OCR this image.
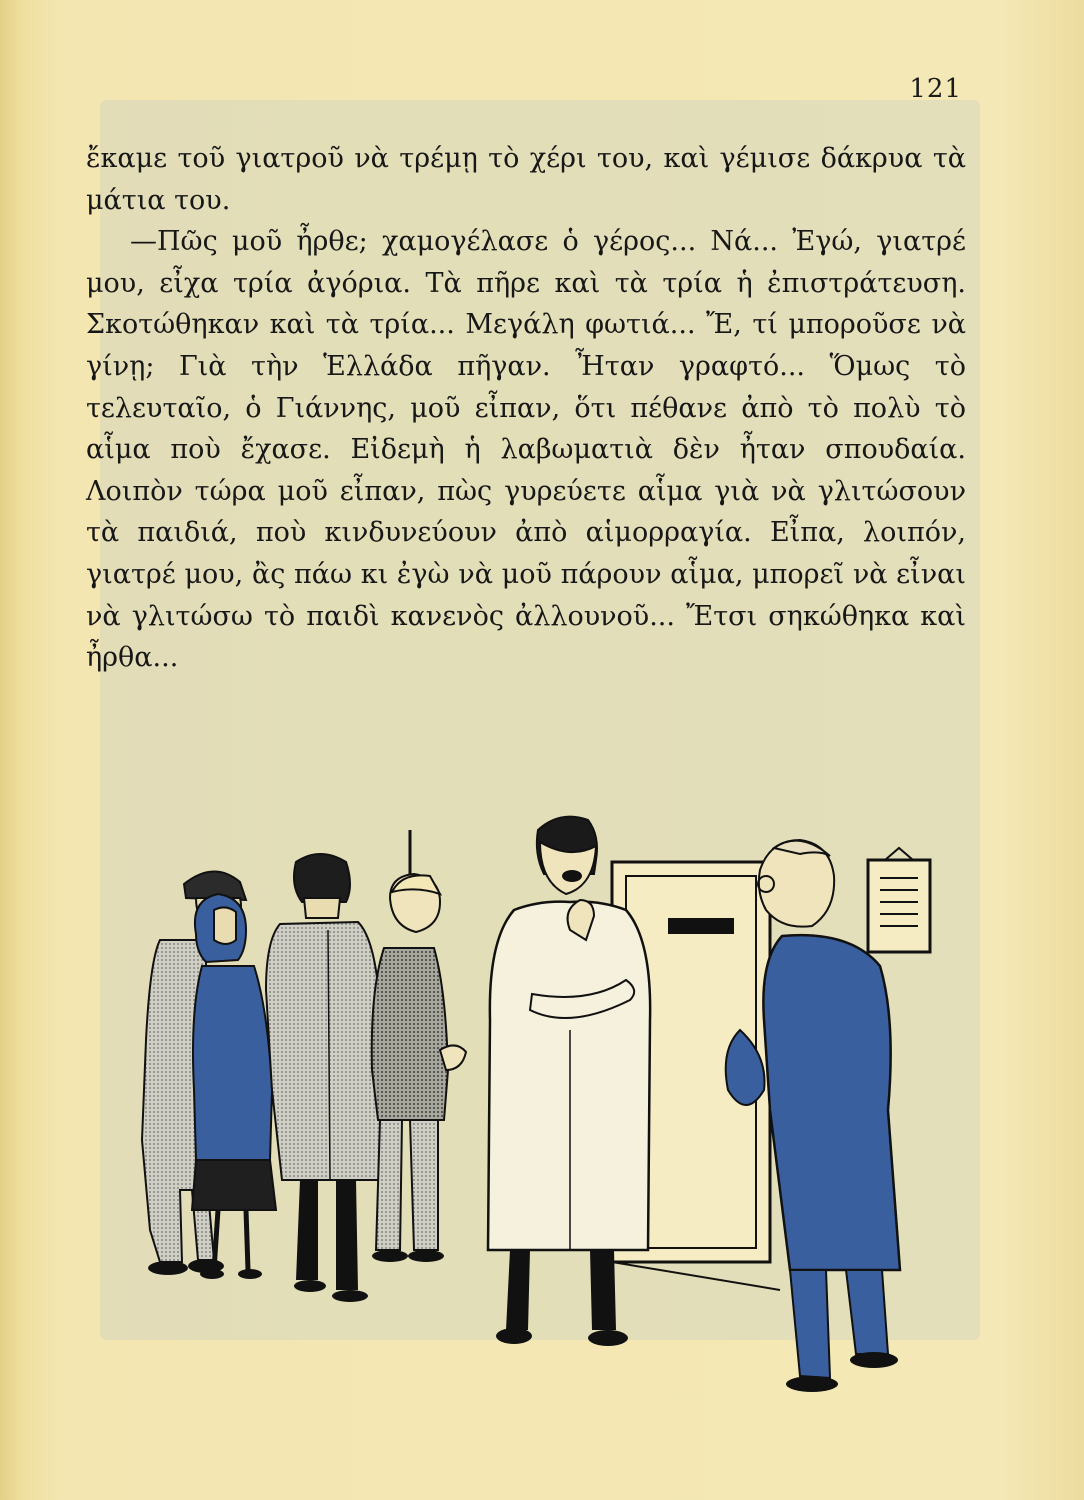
121

ἔκαμε τοῦ γιατροῦ νὰ τρέμῃ τὸ χέρι του, καὶ γέμισε δάκρυα τὰ μάτια του.

—Πῶς μοῦ ἦρθε; χαμογέλασε ὁ γέρος... Νά... Ἐγώ, γιατρέ μου, εἶχα τρία ἀγόρια. Τὰ πῆρε καὶ τὰ τρία ἡ ἐπιστράτευση. Σκοτώθηκαν καὶ τὰ τρία... Μεγάλη φωτιά... Ἔ, τί μποροῦσε νὰ γίνῃ; Γιὰ τὴν Ἑλλάδα πῆγαν. Ἦταν γραφτό... Ὅμως τὸ τελευταῖο, ὁ Γιάννης, μοῦ εἶπαν, ὅτι πέθανε ἀπὸ τὸ πολὺ τὸ αἷμα ποὺ ἔχασε. Εἰδεμὴ ἡ λαβωματιὰ δὲν ἦταν σπουδαία. Λοιπὸν τώρα μοῦ εἶπαν, πὼς γυρεύετε αἷμα γιὰ νὰ γλιτώσουν τὰ παιδιά, ποὺ κινδυνεύουν ἀπὸ αἱμορραγία. Εἶπα, λοιπόν, γιατρέ μου, ἂς πάω κι ἐγὼ νὰ μοῦ πάρουν αἷμα, μπορεῖ νὰ εἶναι νὰ γλιτώσω τὸ παιδὶ κανενὸς ἀλλουνοῦ... Ἔτσι σηκώθηκα καὶ ἦρθα...
